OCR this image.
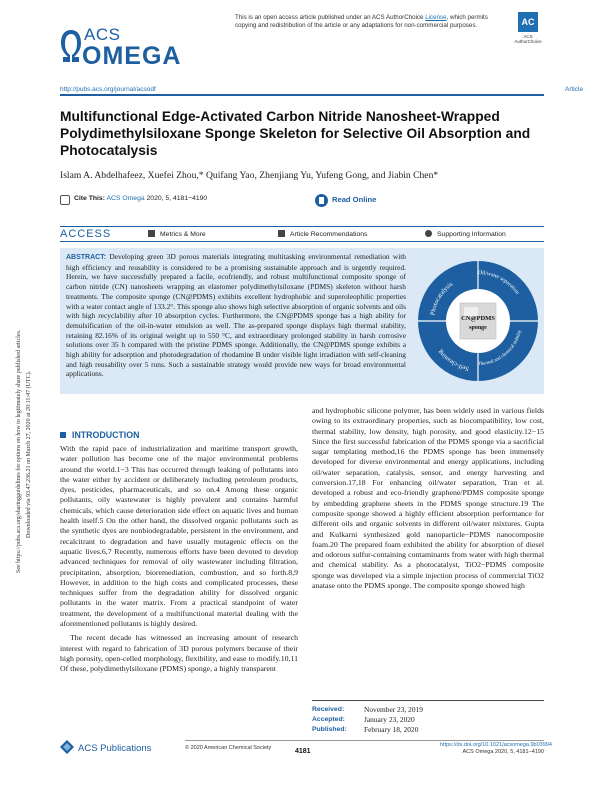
This is an open access article published under an ACS AuthorChoice License, which permits copying and redistribution of the article or any adaptations for non-commercial purposes.	AC
ACS AuthorChoice
ACS
OMEGA
http://pubs.acs.org/journal/acsodf	Article
Multifunctional Edge-Activated Carbon Nitride Nanosheet-Wrapped Polydimethylsiloxane Sponge Skeleton for Selective Oil Absorption and Photocatalysis
Islam A. Abdelhafeez, Xuefei Zhou,* Quifang Yao, Zhenjiang Yu, Yufeng Gong, and Jiabin Chen*
Cite This: ACS Omega 2020, 5, 4181−4190	Read Online
ACCESS	Metrics & More	Article Recommendations	Supporting Information
ABSTRACT: Developing green 3D porous materials integrating multitasking environmental remediation with high efficiency and reusability is considered to be a promising sustainable approach and is urgently required. Herein, we have successfully prepared a facile, ecofriendly, and robust multifunctional composite sponge of carbon nitride (CN) nanosheets wrapping an elastomer polydimethylsiloxane (PDMS) skeleton without harsh treatments. The composite sponge (CN@PDMS) exhibits excellent hydrophobic and superoleophilic properties with a water contact angle of 133.2°. This sponge also shows high selective absorption of organic solvents and oils with high recyclability after 10 absorption cycles. Furthermore, the CN@PDMS sponge has a high ability for demulsification of the oil-in-water emulsion as well. The as-prepared sponge displays high thermal stability, retaining 82.16% of its original weight up to 550 °C, and extraordinary prolonged stability in harsh corrosive solutions over 35 h compared with the pristine PDMS sponge. Additionally, the CN@PDMS sponge exhibits a high ability for adsorption and photodegradation of rhodamine B under visible light irradiation with self-cleaning and high reusability over 5 runs. Such a sustainable strategy would provide new ways for broad environmental applications.
CN@PDMS
sponge
Photocatalysis
Oil/water separation
Thermal and chemical stability
Self-cleaning
See https://pubs.acs.org/sharingguidelines for options on how to legitimately share published articles. Downloaded via 93.47.236.21 on March 27, 2020 at 20:11:47 (UTC).	INTRODUCTION

With the rapid pace of industrialization and maritime transport growth, water pollution has become one of the major environmental problems around the world.1−3 This has occurred through leaking of pollutants into the water either by accident or deliberately including petroleum products, dyes, pesticides, pharmaceuticals, and so on.4 Among these organic pollutants, oily wastewater is highly prevalent and contains harmful chemicals, which cause deterioration side effect on aquatic lives and human health itself.5 On the other hand, the dissolved organic pollutants such as the synthetic dyes are nonbiodegradable, persistent in the environment, and recalcitrant to degradation and have usually mutagenic effects on the aquatic lives.6,7 Recently, numerous efforts have been devoted to develop advanced techniques for removal of oily wastewater including filtration, precipitation, absorption, bioremediation, combustion, and so forth.8,9 However, in addition to the high costs and complicated processes, these techniques suffer from the degradation ability for dissolved organic pollutants in the water matrix. From a practical standpoint of water treatment, the development of a multifunctional material dealing with the aforementioned pollutants is highly desired.

The recent decade has witnessed an increasing amount of research interest with regard to fabrication of 3D porous polymers because of their high porosity, open-celled morphology, flexibility, and ease to modify.10,11 Of these, polydimethylsiloxane (PDMS) sponge, a highly transparent

and hydrophobic silicone polymer, has been widely used in various fields owing to its extraordinary properties, such as biocompatibility, low cost, thermal stability, low density, high porosity, and good elasticity.12−15 Since the first successful fabrication of the PDMS sponge via a sacrificial sugar templating method,16 the PDMS sponge has been immensely developed for diverse environmental and energy applications, including oil/water separation, catalysis, sensor, and energy harvesting and conversion.17,18 For enhancing oil/water separation, Tran et al. developed a robust and eco-friendly graphene/PDMS composite sponge by embedding graphene sheets in the PDMS sponge structure.19 The composite sponge showed a highly efficient absorption performance for different oils and organic solvents in different oil/water mixtures. Gupta and Kulkarni synthesized gold nanoparticle−PDMS nanocomposite foam.20 The prepared foam exhibited the ability for absorption of diesel and odorous sulfur-containing contaminants from water with high thermal and chemical stability. As a photocatalyst, TiO2−PDMS composite sponge was developed via a simple injection process of commercial TiO2 anatase onto the PDMS sponge. The composite sponge showed high

Received:	November 23, 2019
Accepted:	January 23, 2020
Published:	February 18, 2020
ACS Publications	© 2020 American Chemical Society	4181
https://dx.doi.org/10.1021/acsomega.9b03994
ACS Omega 2020, 5, 4181−4190
